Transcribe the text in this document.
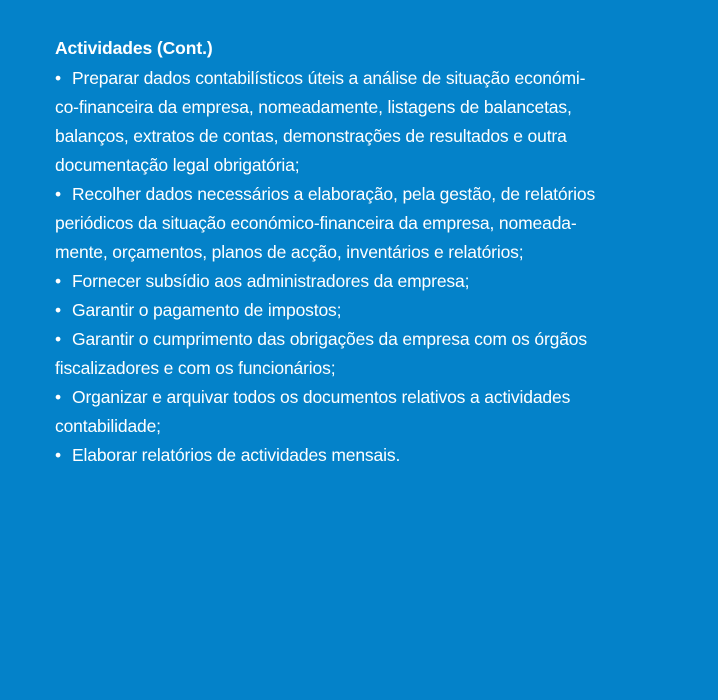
Actividades (Cont.)
• Preparar dados contabilísticos úteis a análise de situação económi-
co-financeira da empresa, nomeadamente, listagens de balancetas,
balanços, extratos de contas, demonstrações de resultados e outra
documentação legal obrigatória;
• Recolher dados necessários a elaboração, pela gestão, de relatórios
periódicos da situação económico-financeira da empresa, nomeada-
mente, orçamentos, planos de acção, inventários e relatórios;
• Fornecer subsídio aos administradores da empresa;
• Garantir o pagamento de impostos;
• Garantir o cumprimento das obrigações da empresa com os órgãos
fiscalizadores e com os funcionários;
• Organizar e arquivar todos os documentos relativos a actividades
contabilidade;
• Elaborar relatórios de actividades mensais.
